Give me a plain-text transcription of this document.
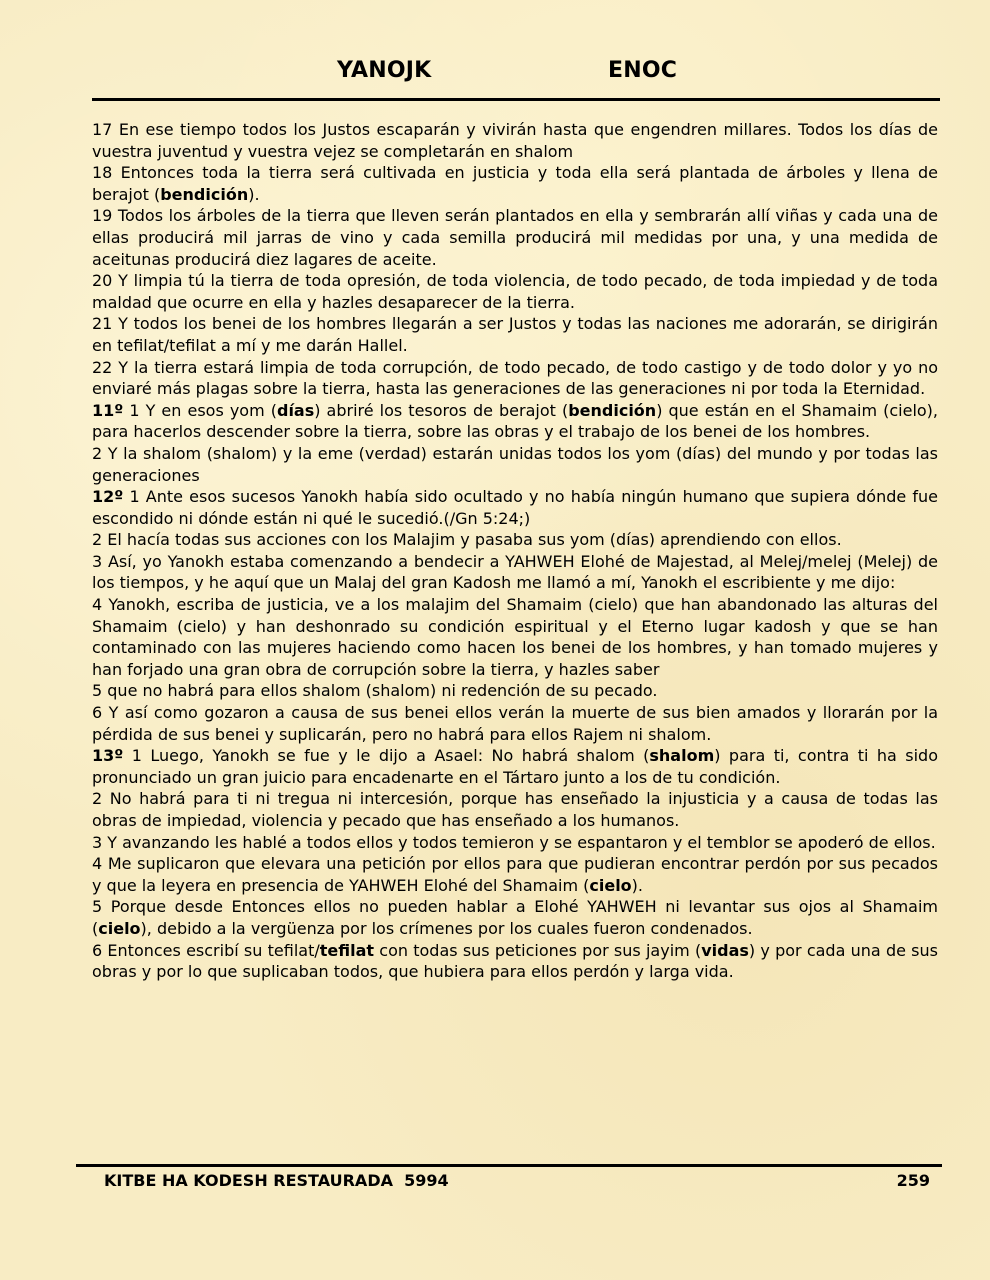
YANOJK	ENOC

17 En ese tiempo todos los Justos escaparán y vivirán hasta que engendren millares. Todos los días de vuestra juventud y vuestra vejez se completarán en shalom

18 Entonces toda la tierra será cultivada en justicia y toda ella será plantada de árboles y llena de berajot (bendición).

19 Todos los árboles de la tierra que lleven serán plantados en ella y sembrarán allí viñas y cada una de ellas producirá mil jarras de vino y cada semilla producirá mil medidas por una, y una medida de aceitunas producirá diez lagares de aceite.

20 Y limpia tú la tierra de toda opresión, de toda violencia, de todo pecado, de toda impiedad y de toda maldad que ocurre en ella y hazles desaparecer de la tierra.

21 Y todos los benei de los hombres llegarán a ser Justos y todas las naciones me adorarán, se dirigirán en tefilat/tefilat a mí y me darán Hallel.

22 Y la tierra estará limpia de toda corrupción, de todo pecado, de todo castigo y de todo dolor y yo no enviaré más plagas sobre la tierra, hasta las generaciones de las generaciones ni por toda la Eternidad.

11º 1 Y en esos yom (días) abriré los tesoros de berajot (bendición) que están en el Shamaim (cielo), para hacerlos descender sobre la tierra, sobre las obras y el trabajo de los benei de los hombres.

2 Y la shalom (shalom) y la eme (verdad) estarán unidas todos los yom (días) del mundo y por todas las generaciones

12º 1 Ante esos sucesos Yanokh había sido ocultado y no había ningún humano que supiera dónde fue escondido ni dónde están ni qué le sucedió.(/Gn 5:24;)

2 El hacía todas sus acciones con los Malajim y pasaba sus yom (días) aprendiendo con ellos.

3 Así, yo Yanokh estaba comenzando a bendecir a YAHWEH Elohé de Majestad, al Melej/melej (Melej) de los tiempos, y he aquí que un Malaj del gran Kadosh me llamó a mí, Yanokh el escribiente y me dijo:

4 Yanokh, escriba de justicia, ve a los malajim del Shamaim (cielo) que han abandonado las alturas del Shamaim (cielo) y han deshonrado su condición espiritual y el Eterno lugar kadosh y que se han contaminado con las mujeres haciendo como hacen los benei de los hombres, y han tomado mujeres y han forjado una gran obra de corrupción sobre la tierra, y hazles saber

5 que no habrá para ellos shalom (shalom) ni redención de su pecado.

6 Y así como gozaron a causa de sus benei ellos verán la muerte de sus bien amados y llorarán por la pérdida de sus benei y suplicarán, pero no habrá para ellos Rajem ni shalom.

13º 1 Luego, Yanokh se fue y le dijo a Asael: No habrá shalom (shalom) para ti, contra ti ha sido pronunciado un gran juicio para encadenarte en el Tártaro junto a los de tu condición.

2 No habrá para ti ni tregua ni intercesión, porque has enseñado la injusticia y a causa de todas las obras de impiedad, violencia y pecado que has enseñado a los humanos.

3 Y avanzando les hablé a todos ellos y todos temieron y se espantaron y el temblor se apoderó de ellos.

4 Me suplicaron que elevara una petición por ellos para que pudieran encontrar perdón por sus pecados y que la leyera en presencia de YAHWEH Elohé del Shamaim (cielo).

5 Porque desde Entonces ellos no pueden hablar a Elohé YAHWEH ni levantar sus ojos al Shamaim (cielo), debido a la vergüenza por los crímenes por los cuales fueron condenados.

6 Entonces escribí su tefilat/tefilat con todas sus peticiones por sus jayim (vidas) y por cada una de sus obras y por lo que suplicaban todos, que hubiera para ellos perdón y larga vida.

KITBE HA KODESH RESTAURADA  5994	259
